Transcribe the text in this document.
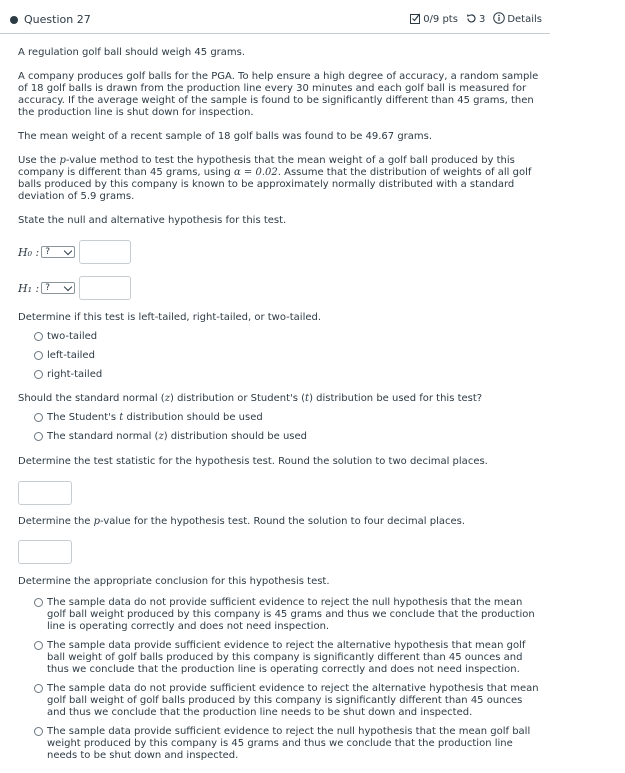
Question 27	0/9 pts 3 Details

A regulation golf ball should weigh 45 grams.

A company produces golf balls for the PGA. To help ensure a high degree of accuracy, a random sample of 18 golf balls is drawn from the production line every 30 minutes and each golf ball is measured for accuracy. If the average weight of the sample is found to be significantly different than 45 grams, then the production line is shut down for inspection.

The mean weight of a recent sample of 18 golf balls was found to be 49.67 grams.

Use the p-value method to test the hypothesis that the mean weight of a golf ball produced by this company is different than 45 grams, using α = 0.02. Assume that the distribution of weights of all golf balls produced by this company is known to be approximately normally distributed with a standard deviation of 5.9 grams.

State the null and alternative hypothesis for this test.

H₀ : ?
H₁ : ?

Determine if this test is left-tailed, right-tailed, or two-tailed.

two-tailed
left-tailed
right-tailed

Should the standard normal (z) distribution or Student's (t) distribution be used for this test?

The Student's t distribution should be used
The standard normal (z) distribution should be used

Determine the test statistic for the hypothesis test. Round the solution to two decimal places.

Determine the p-value for the hypothesis test. Round the solution to four decimal places.

Determine the appropriate conclusion for this hypothesis test.

The sample data do not provide sufficient evidence to reject the null hypothesis that the mean golf ball weight produced by this company is 45 grams and thus we conclude that the production line is operating correctly and does not need inspection.
The sample data provide sufficient evidence to reject the alternative hypothesis that mean golf ball weight of golf balls produced by this company is significantly different than 45 ounces and thus we conclude that the production line is operating correctly and does not need inspection.
The sample data do not provide sufficient evidence to reject the alternative hypothesis that mean golf ball weight of golf balls produced by this company is significantly different than 45 ounces and thus we conclude that the production line needs to be shut down and inspected.
The sample data provide sufficient evidence to reject the null hypothesis that the mean golf ball weight produced by this company is 45 grams and thus we conclude that the production line needs to be shut down and inspected.
